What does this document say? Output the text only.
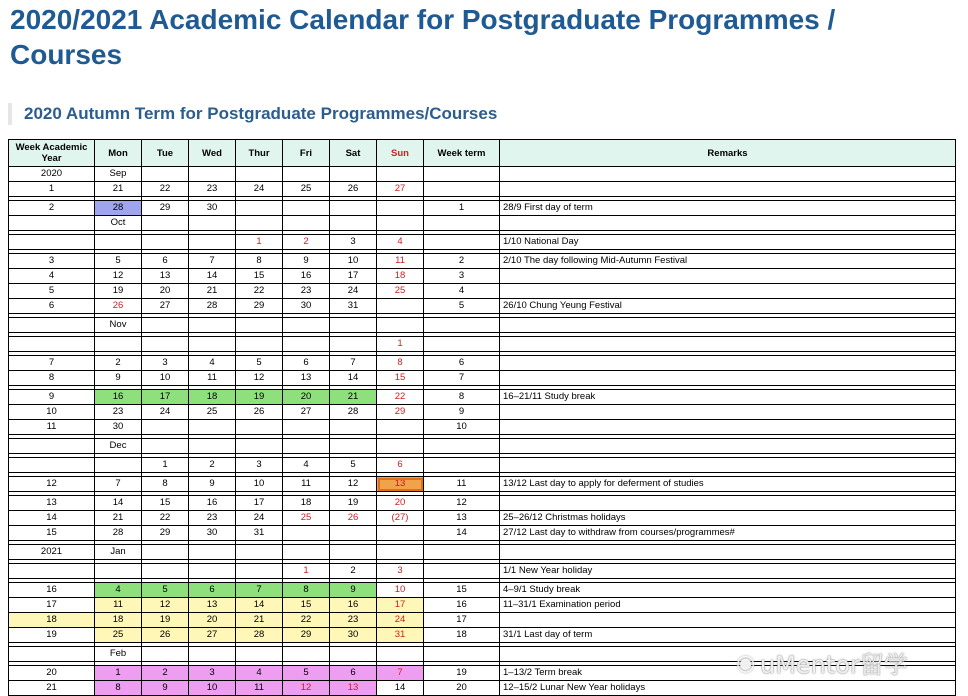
2020/2021 Academic Calendar for Postgraduate Programmes / Courses
2020 Autumn Term for Postgraduate Programmes/Courses
Week Academic Year	Mon	Tue	Wed	Thur	Fri	Sat	Sun	Week term	Remarks
2020	Sep								
1	21	22	23	24	25	26	27		

2	28	29	30					1	28/9 First day of term
	Oct								

				1	2	3	4		1/10 National Day

3	5	6	7	8	9	10	11	2	2/10 The day following Mid-Autumn Festival
4	12	13	14	15	16	17	18	3	
5	19	20	21	22	23	24	25	4	
6	26	27	28	29	30	31		5	26/10 Chung Yeung Festival

	Nov								

							1		

7	2	3	4	5	6	7	8	6	
8	9	10	11	12	13	14	15	7	

9	16	17	18	19	20	21	22	8	16–21/11 Study break
10	23	24	25	26	27	28	29	9	
11	30							10	

	Dec								

		1	2	3	4	5	6		

12	7	8	9	10	11	12	13	11	13/12 Last day to apply for deferment of studies

13	14	15	16	17	18	19	20	12	
14	21	22	23	24	25	26	(27)	13	25–26/12 Christmas holidays
15	28	29	30	31				14	27/12 Last day to withdraw from courses/programmes#

2021	Jan								

					1	2	3		1/1 New Year holiday

16	4	5	6	7	8	9	10	15	4–9/1 Study break
17	11	12	13	14	15	16	17	16	11–31/1 Examination period
18	18	19	20	21	22	23	24	17	
19	25	26	27	28	29	30	31	18	31/1 Last day of term

	Feb								

20	1	2	3	4	5	6	7	19	1–13/2 Term break
21	8	9	10	11	12	13	14	20	12–15/2 Lunar New Year holidays
◉ uMentor留学
